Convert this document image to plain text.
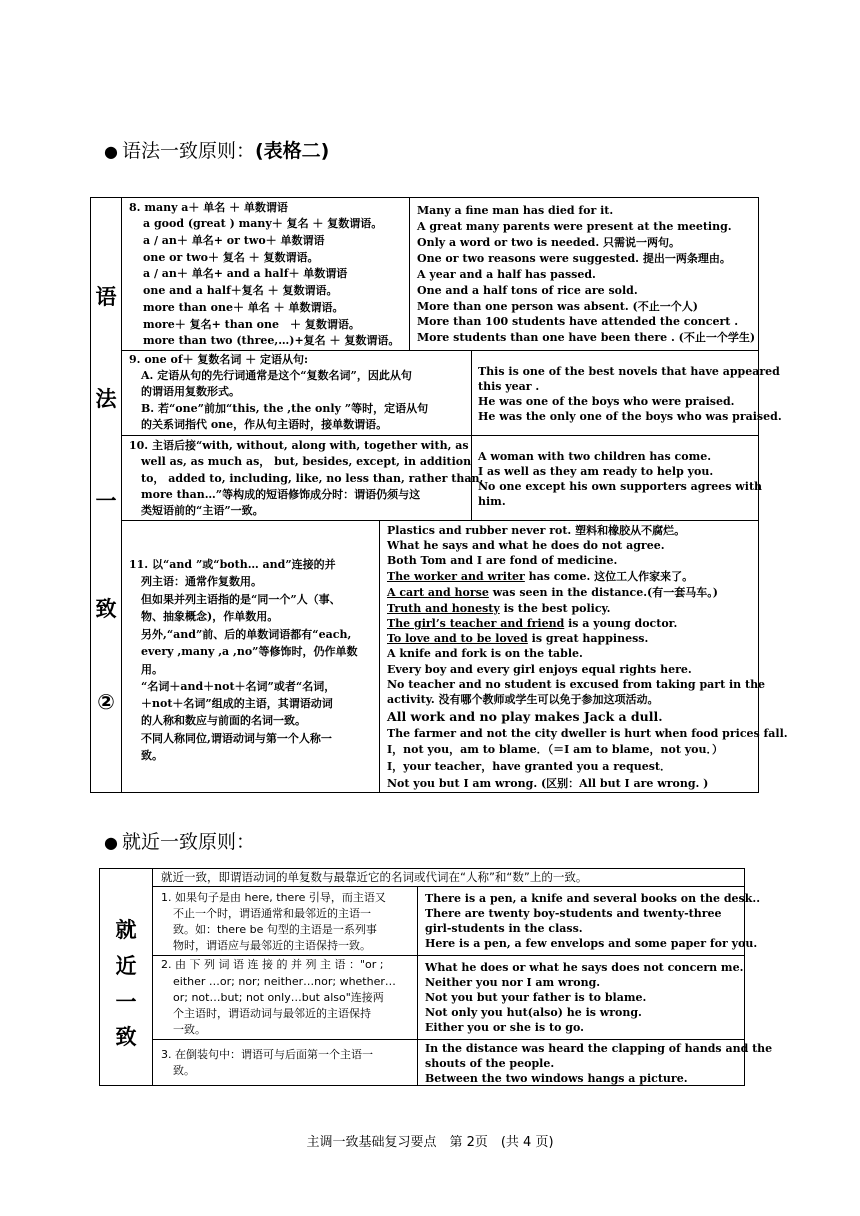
● 语法一致原则：(表格二)
语
法
一
致
②
8. many a＋ 单名 ＋ 单数谓语
a good (great ) many＋ 复名 ＋ 复数谓语。
a / an＋ 单名+ or two＋ 单数谓语
one or two＋ 复名 ＋ 复数谓语。
a / an＋ 单名+ and a half＋ 单数谓语
one and a half＋复名 ＋ 复数谓语。
more than one＋ 单名 ＋ 单数谓语。
more＋ 复名+ than one　＋ 复数谓语。
more than two (three,…)+复名 ＋ 复数谓语。
Many a fine man has died for it.
A great many parents were present at the meeting.
Only a word or two is needed. 只需说一两句。
One or two reasons were suggested. 提出一两条理由。
A year and a half has passed.
One and a half tons of rice are sold.
More than one person was absent. (不止一个人)
More than 100 students have attended the concert .
More students than one have been there . (不止一个学生)
9. one of＋ 复数名词 ＋ 定语从句:
A. 定语从句的先行词通常是这个“复数名词”，因此从句
的谓语用复数形式。
B. 若“one”前加“this, the ,the only ”等时，定语从句
的关系词指代 one，作从句主语时，接单数谓语。
This is one of the best novels that have appeared
this year .
He was one of the boys who were praised.
He was the only one of the boys who was praised.
10. 主语后接“with, without, along with, together with, as
well as, as much as， but, besides, except, in addition
to， added to, including, like, no less than, rather than,
more than…”等构成的短语修饰成分时：谓语仍须与这
类短语前的“主语”一致。
A woman with two children has come.
I as well as they am ready to help you.
No one except his own supporters agrees with
him.
11. 以“and ”或“both… and”连接的并
列主语：通常作复数用。
但如果并列主语指的是“同一个”人（事、
物、抽象概念)，作单数用。
另外,“and”前、后的单数词语都有“each,
every ,many ,a ,no”等修饰时，仍作单数
用。
“名词＋and＋not＋名词”或者“名词，
＋not＋名词”组成的主语，其谓语动词
的人称和数应与前面的名词一致。
不同人称同位,谓语动词与第一个人称一
致。
Plastics and rubber never rot. 塑料和橡胶从不腐烂。
What he says and what he does do not agree.
Both Tom and I are fond of medicine.
The worker and writer has come. 这位工人作家来了。
A cart and horse was seen in the distance.(有一套马车。)
Truth and honesty is the best policy.
The girl’s teacher and friend is a young doctor.
To love and to be loved is great happiness.
A knife and fork is on the table.
Every boy and every girl enjoys equal rights here.
No teacher and no student is excused from taking part in the
activity. 没有哪个教师或学生可以免于参加这项活动。
All work and no play makes Jack a dull.
The farmer and not the city dweller is hurt when food prices fall.
I，not you，am to blame．（＝I am to blame，not you．）
I，your teacher，have granted you a request．
Not you but I am wrong. (区别：All but I are wrong. )
● 就近一致原则：
就
近
一
致
就近一致，即谓语动词的单复数与最靠近它的名词或代词在“人称”和“数”上的一致。
1. 如果句子是由 here, there 引导，而主语又
不止一个时，谓语通常和最邻近的主语一
致。如：there be 句型的主语是一系列事
物时，谓语应与最邻近的主语保持一致。
There is a pen, a knife and several books on the desk..
There are twenty boy-students and twenty-three
girl-students in the class.
Here is a pen, a few envelops and some paper for you.
2. 由 下 列 词 语 连 接 的 并 列 主 语 ："or ;
either …or; nor; neither…nor; whether…
or; not…but; not only…but also"连接两
个主语时，谓语动词与最邻近的主语保持
一致。
What he does or what he says does not concern me.
Neither you nor I am wrong.
Not you but your father is to blame.
Not only you hut(also) he is wrong.
Either you or she is to go.
3. 在倒装句中：谓语可与后面第一个主语一
致。
In the distance was heard the clapping of hands and the
shouts of the people.
Between the two windows hangs a picture.
主调一致基础复习要点　第 2页　(共 4 页)
